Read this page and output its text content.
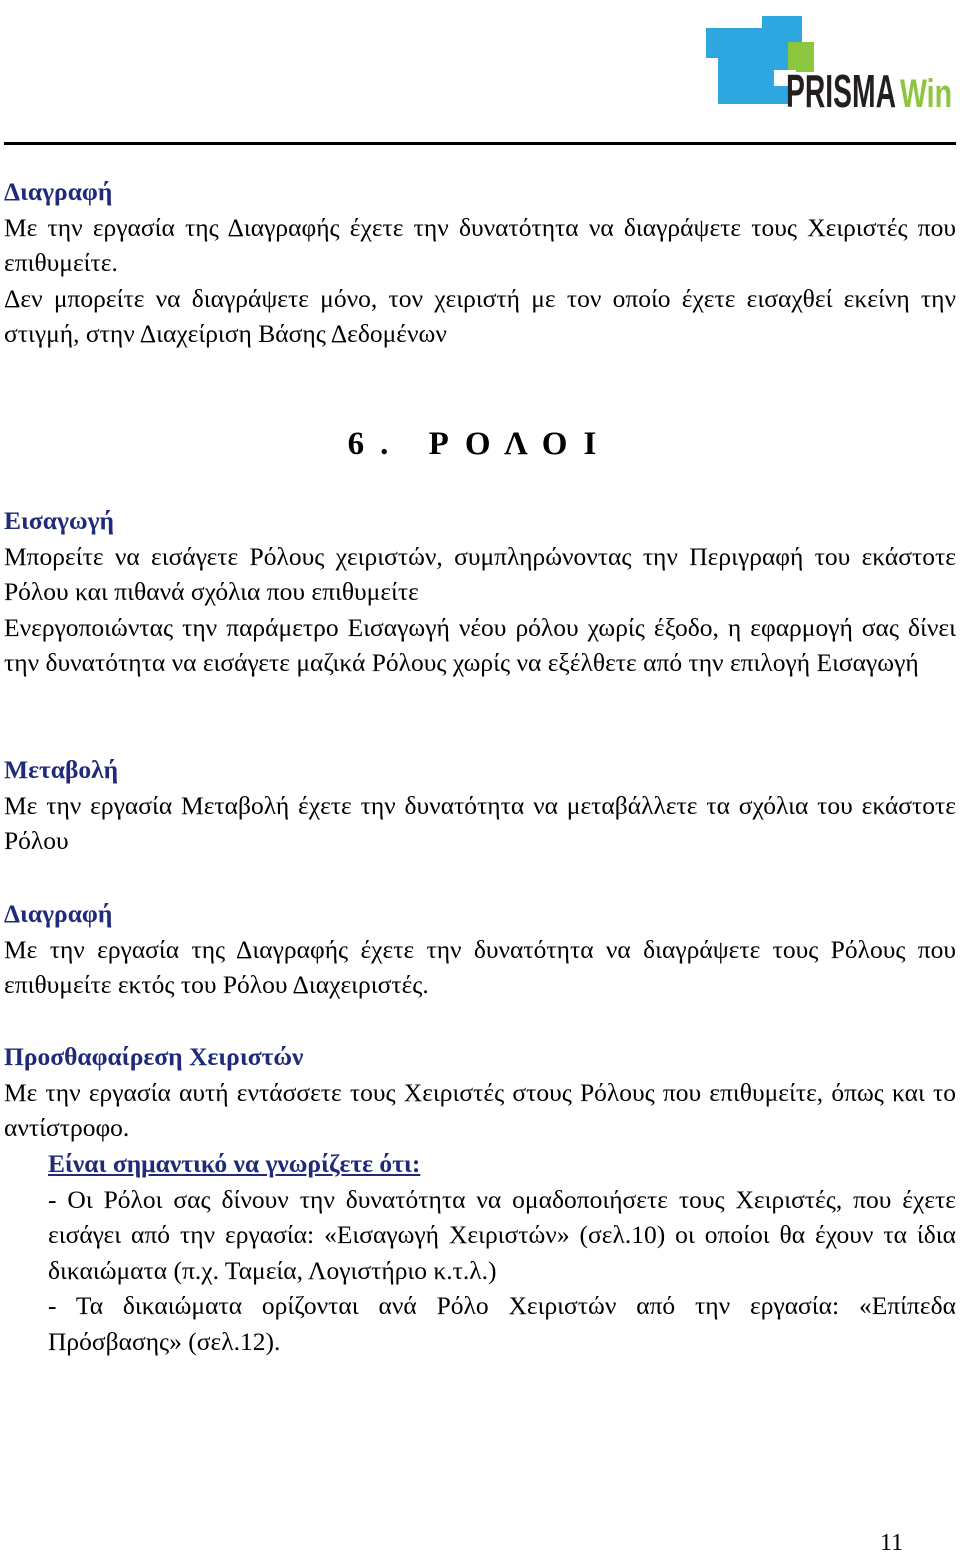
PRISMA Win
Διαγραφή
Με την εργασία της Διαγραφής έχετε την δυνατότητα να διαγράψετε τους Χειριστές που επιθυμείτε.
Δεν μπορείτε να διαγράψετε μόνο, τον χειριστή με τον οποίο έχετε εισαχθεί εκείνη την στιγμή, στην Διαχείριση Βάσης Δεδομένων
6. ΡΟΛΟΙ
Εισαγωγή
Μπορείτε να εισάγετε Ρόλους χειριστών, συμπληρώνοντας την Περιγραφή του εκάστοτε Ρόλου και πιθανά σχόλια που επιθυμείτε
Ενεργοποιώντας την παράμετρο Εισαγωγή νέου ρόλου χωρίς έξοδο, η εφαρμογή σας δίνει την δυνατότητα να εισάγετε μαζικά Ρόλους χωρίς να εξέλθετε από την επιλογή Εισαγωγή
Μεταβολή
Με την εργασία Μεταβολή έχετε την δυνατότητα να μεταβάλλετε τα σχόλια του εκάστοτε Ρόλου
Διαγραφή
Με την εργασία της Διαγραφής έχετε την δυνατότητα να διαγράψετε τους Ρόλους που επιθυμείτε εκτός του Ρόλου Διαχειριστές.
Προσθαφαίρεση Χειριστών
Με την εργασία αυτή εντάσσετε τους Χειριστές στους Ρόλους που επιθυμείτε, όπως και το αντίστροφο.
Είναι σημαντικό να γνωρίζετε ότι:
- Οι Ρόλοι σας δίνουν την δυνατότητα να ομαδοποιήσετε τους Χειριστές, που έχετε εισάγει από την εργασία: «Εισαγωγή Χειριστών» (σελ.10) οι οποίοι θα έχουν τα ίδια δικαιώματα (π.χ. Ταμεία, Λογιστήριο κ.τ.λ.)
- Τα δικαιώματα ορίζονται ανά Ρόλο Χειριστών από την εργασία: «Επίπεδα Πρόσβασης» (σελ.12).
11
